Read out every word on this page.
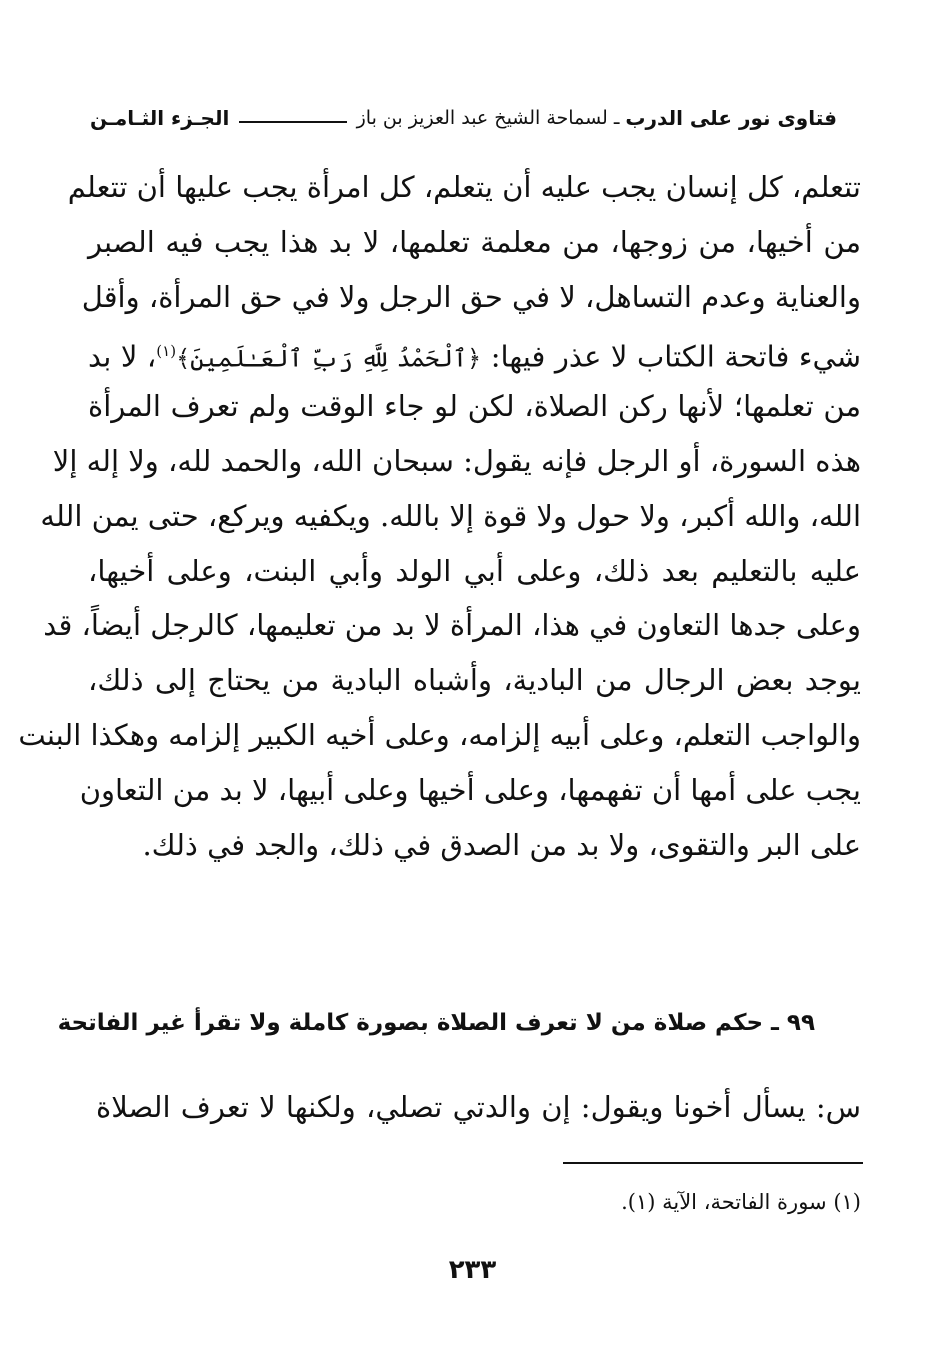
فتاوى نور على الدرب
ـ لسماحة الشيخ عبد العزيز بن باز
الجـزء الثـامـن
تتعلم، كل إنسان يجب عليه أن يتعلم، كل امرأة يجب عليها أن تتعلم
من أخيها، من زوجها، من معلمة تعلمها، لا بد هذا يجب فيه الصبر
والعناية وعدم التساهل، لا في حق الرجل ولا في حق المرأة، وأقل
شيء فاتحة الكتاب لا عذر فيها: ﴿ٱلْحَمْدُ لِلَّهِ رَبِّ ٱلْعَـٰلَمِينَ﴾$^{(١)}$، لا بد
من تعلمها؛ لأنها ركن الصلاة، لكن لو جاء الوقت ولم تعرف المرأة
هذه السورة، أو الرجل فإنه يقول: سبحان الله، والحمد لله، ولا إله إلا
الله، والله أكبر، ولا حول ولا قوة إلا بالله. ويكفيه ويركع، حتى يمن الله
عليه بالتعليم بعد ذلك، وعلى أبي الولد وأبي البنت، وعلى أخيها،
وعلى جدها التعاون في هذا، المرأة لا بد من تعليمها، كالرجل أيضاً، قد
يوجد بعض الرجال من البادية، وأشباه البادية من يحتاج إلى ذلك،
والواجب التعلم، وعلى أبيه إلزامه، وعلى أخيه الكبير إلزامه وهكذا البنت
يجب على أمها أن تفهمها، وعلى أخيها وعلى أبيها، لا بد من التعاون
على البر والتقوى، ولا بد من الصدق في ذلك، والجد في ذلك.
٩٩ ـ حكم صلاة من لا تعرف الصلاة بصورة كاملة ولا تقرأ غير الفاتحة
س: يسأل أخونا ويقول: إن والدتي تصلي، ولكنها لا تعرف الصلاة
(١) سورة الفاتحة، الآية (١).
٢٣٣
